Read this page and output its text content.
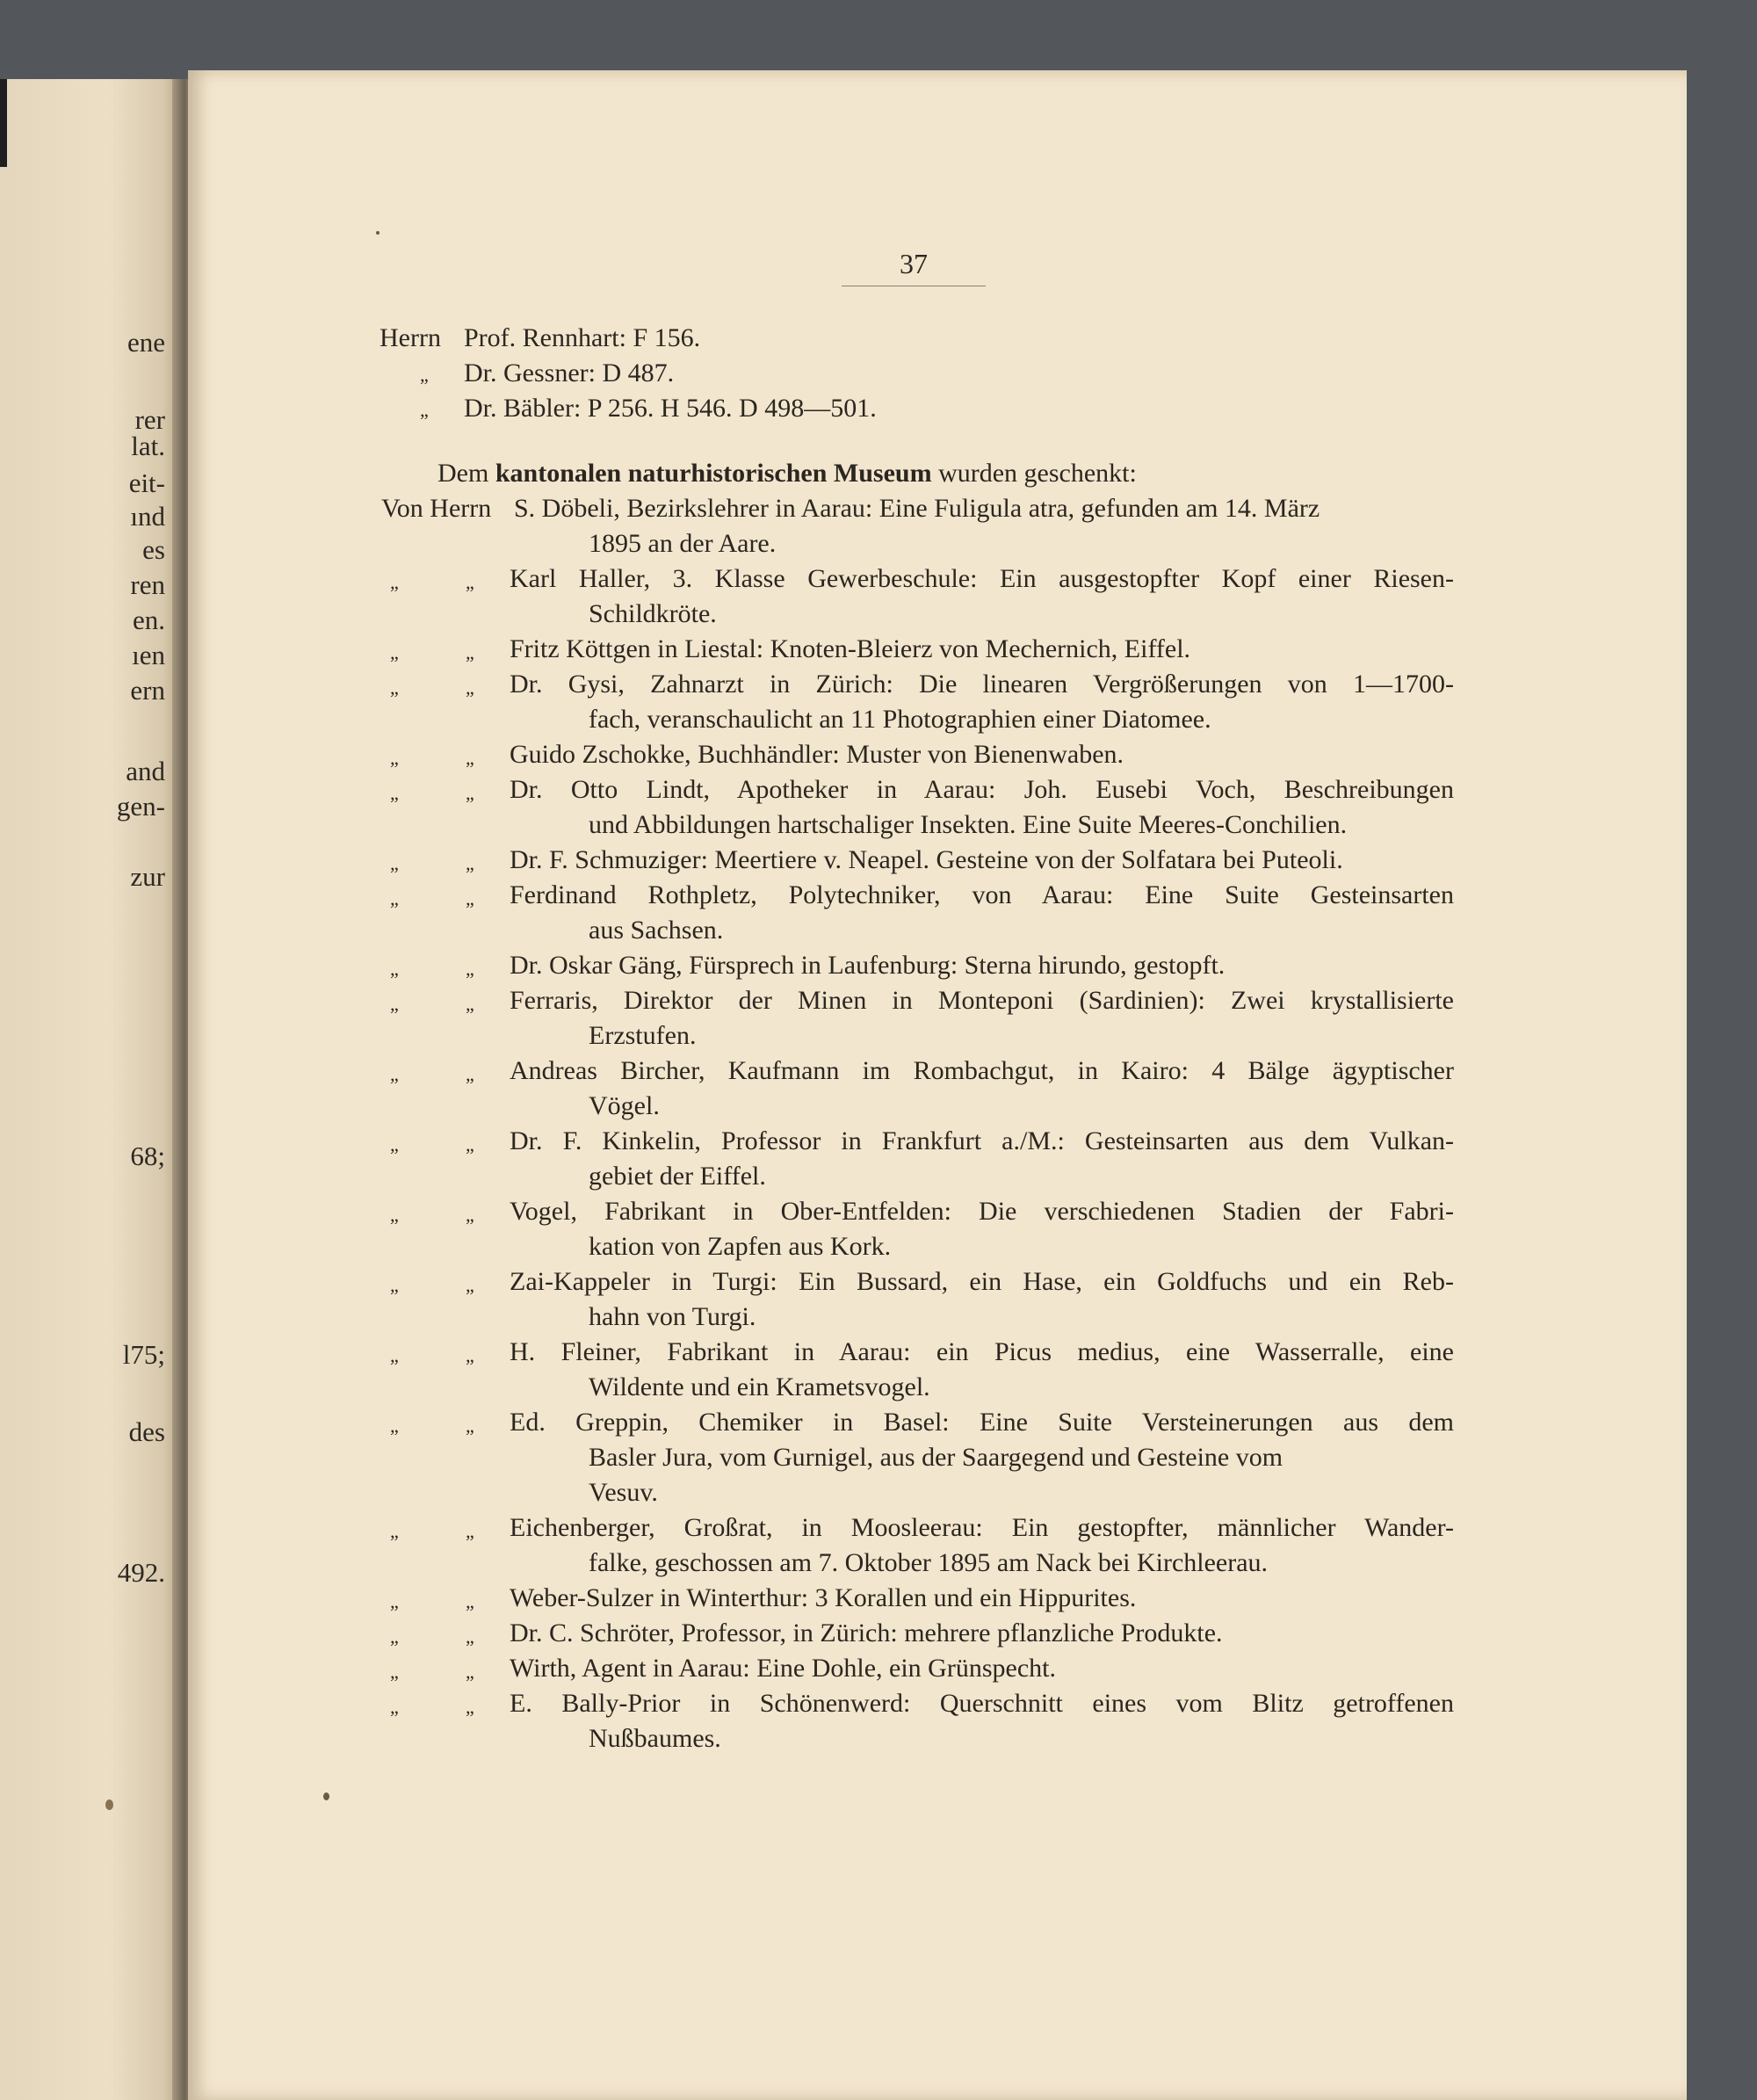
ene
rer
lat.
eit-
ınd
es
ren
en.
ıen
ern
and
gen-
zur
68;
l75;
des
492.
37
Herrn Prof. Rennhart: F 156.
„ Dr. Gessner: D 487.
„ Dr. Bäbler: P 256. H 546. D 498—501.
Dem kantonalen naturhistorischen Museum wurden geschenkt:
Von Herrn S. Döbeli, Bezirkslehrer in Aarau: Eine Fuligula atra, gefunden am 14. März
1895 an der Aare.
„	„ Karl Haller, 3. Klasse Gewerbeschule: Ein ausgestopfter Kopf einer Riesen-
Schildkröte.
„	„ Fritz Köttgen in Liestal: Knoten-Bleierz von Mechernich, Eiffel.
„	„ Dr. Gysi, Zahnarzt in Zürich: Die linearen Vergrößerungen von 1—1700-
fach, veranschaulicht an 11 Photographien einer Diatomee.
„	„ Guido Zschokke, Buchhändler: Muster von Bienenwaben.
„	„ Dr. Otto Lindt, Apotheker in Aarau: Joh. Eusebi Voch, Beschreibungen
und Abbildungen hartschaliger Insekten. Eine Suite Meeres-Conchilien.
„	„ Dr. F. Schmuziger: Meertiere v. Neapel. Gesteine von der Solfatara bei Puteoli.
„	„ Ferdinand Rothpletz, Polytechniker, von Aarau: Eine Suite Gesteinsarten
aus Sachsen.
„	„ Dr. Oskar Gäng, Fürsprech in Laufenburg: Sterna hirundo, gestopft.
„	„ Ferraris, Direktor der Minen in Monteponi (Sardinien): Zwei krystallisierte
Erzstufen.
„	„ Andreas Bircher, Kaufmann im Rombachgut, in Kairo: 4 Bälge ägyptischer
Vögel.
„	„ Dr. F. Kinkelin, Professor in Frankfurt a./M.: Gesteinsarten aus dem Vulkan-
gebiet der Eiffel.
„	„ Vogel, Fabrikant in Ober-Entfelden: Die verschiedenen Stadien der Fabri-
kation von Zapfen aus Kork.
„	„ Zai-Kappeler in Turgi: Ein Bussard, ein Hase, ein Goldfuchs und ein Reb-
hahn von Turgi.
„	„ H. Fleiner, Fabrikant in Aarau: ein Picus medius, eine Wasserralle, eine
Wildente und ein Krametsvogel.
„	„ Ed. Greppin, Chemiker in Basel: Eine Suite Versteinerungen aus dem
Basler Jura, vom Gurnigel, aus der Saargegend und Gesteine vom
Vesuv.
„	„ Eichenberger, Großrat, in Moosleerau: Ein gestopfter, männlicher Wander-
falke, geschossen am 7. Oktober 1895 am Nack bei Kirchleerau.
„	„ Weber-Sulzer in Winterthur: 3 Korallen und ein Hippurites.
„	„ Dr. C. Schröter, Professor, in Zürich: mehrere pflanzliche Produkte.
„	„ Wirth, Agent in Aarau: Eine Dohle, ein Grünspecht.
„	„ E. Bally-Prior in Schönenwerd: Querschnitt eines vom Blitz getroffenen
Nußbaumes.
